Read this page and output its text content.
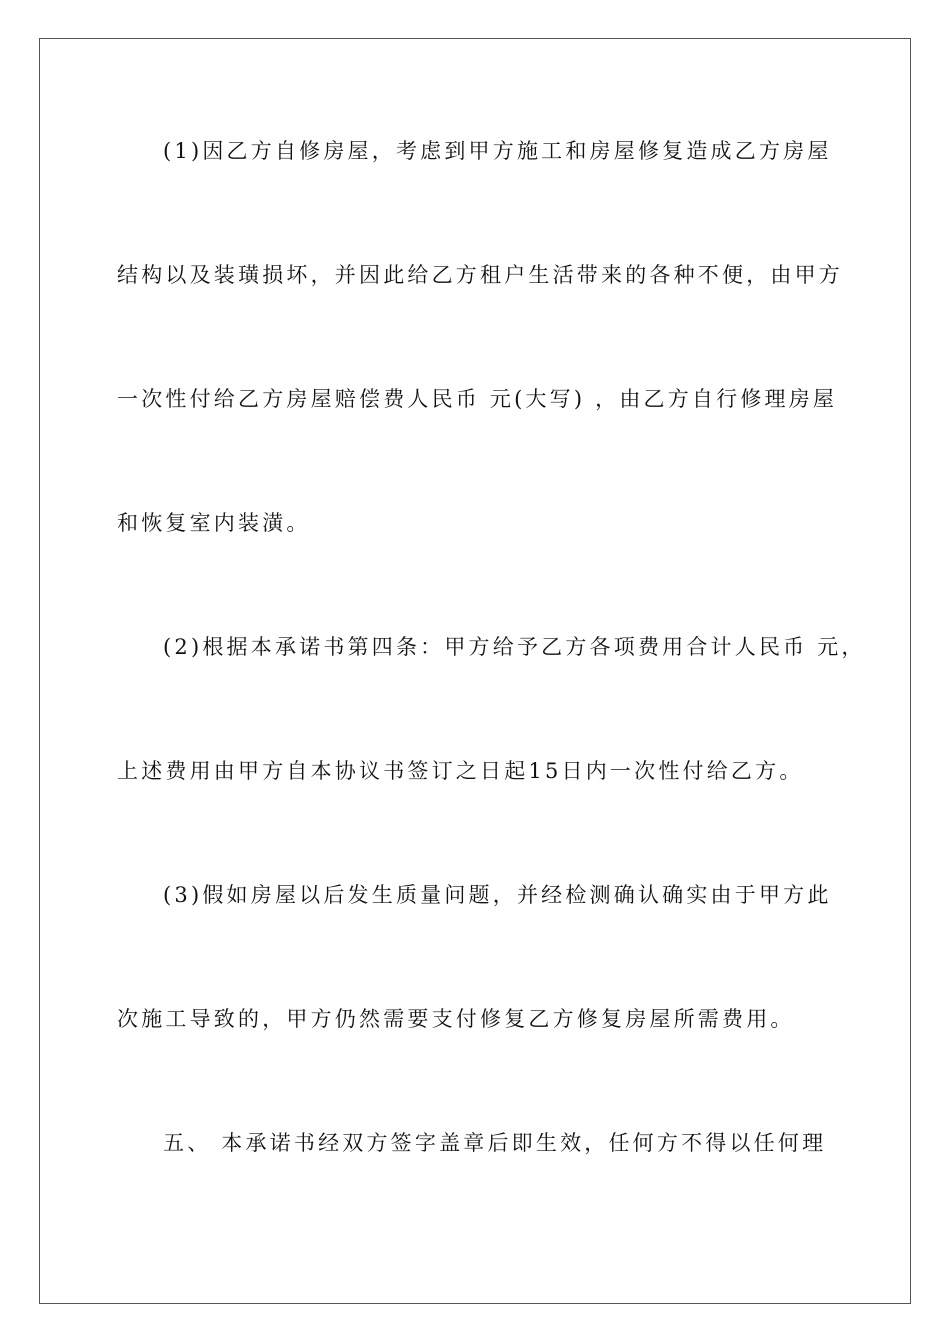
(1)因乙方自修房屋，考虑到甲方施工和房屋修复造成乙方房屋
结构以及装璜损坏，并因此给乙方租户生活带来的各种不便，由甲方
一次性付给乙方房屋赔偿费人民币 元(大写) ，由乙方自行修理房屋
和恢复室内装潢。
(2)根据本承诺书第四条：甲方给予乙方各项费用合计人民币 元，
上述费用由甲方自本协议书签订之日起15日内一次性付给乙方。
(3)假如房屋以后发生质量问题，并经检测确认确实由于甲方此
次施工导致的，甲方仍然需要支付修复乙方修复房屋所需费用。
五、 本承诺书经双方签字盖章后即生效，任何方不得以任何理
